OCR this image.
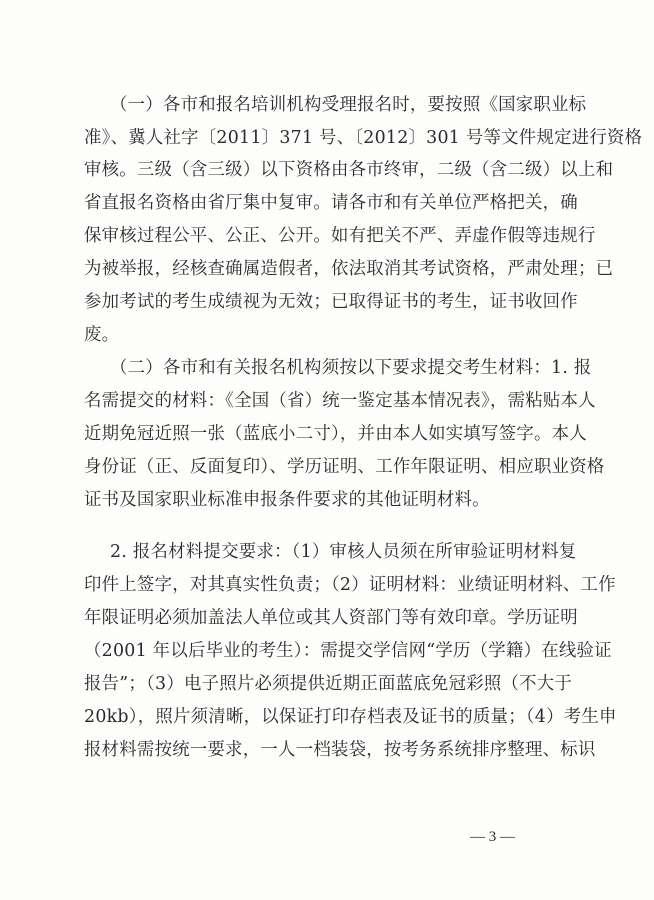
（一）各市和报名培训机构受理报名时，要按照《国家职业标
准》、冀人社字〔2011〕371 号、〔2012〕301 号等文件规定进行资格
审核。三级（含三级）以下资格由各市终审，二级（含二级）以上和
省直报名资格由省厅集中复审。请各市和有关单位严格把关，确
保审核过程公平、公正、公开。如有把关不严、弄虚作假等违规行
为被举报，经核查确属造假者，依法取消其考试资格，严肃处理；已
参加考试的考生成绩视为无效；已取得证书的考生，证书收回作
废。
（二）各市和有关报名机构须按以下要求提交考生材料：1. 报
名需提交的材料：《全国（省）统一鉴定基本情况表》，需粘贴本人
近期免冠近照一张（蓝底小二寸），并由本人如实填写签字。本人
身份证（正、反面复印）、学历证明、工作年限证明、相应职业资格
证书及国家职业标准申报条件要求的其他证明材料。
2. 报名材料提交要求：（1）审核人员须在所审验证明材料复
印件上签字，对其真实性负责；（2）证明材料：业绩证明材料、工作
年限证明必须加盖法人单位或其人资部门等有效印章。学历证明
（2001 年以后毕业的考生）：需提交学信网“学历（学籍）在线验证
报告”；（3）电子照片必须提供近期正面蓝底免冠彩照（不大于
20kb），照片须清晰，以保证打印存档表及证书的质量；（4）考生申
报材料需按统一要求，一人一档装袋，按考务系统排序整理、标识
— 3 —
